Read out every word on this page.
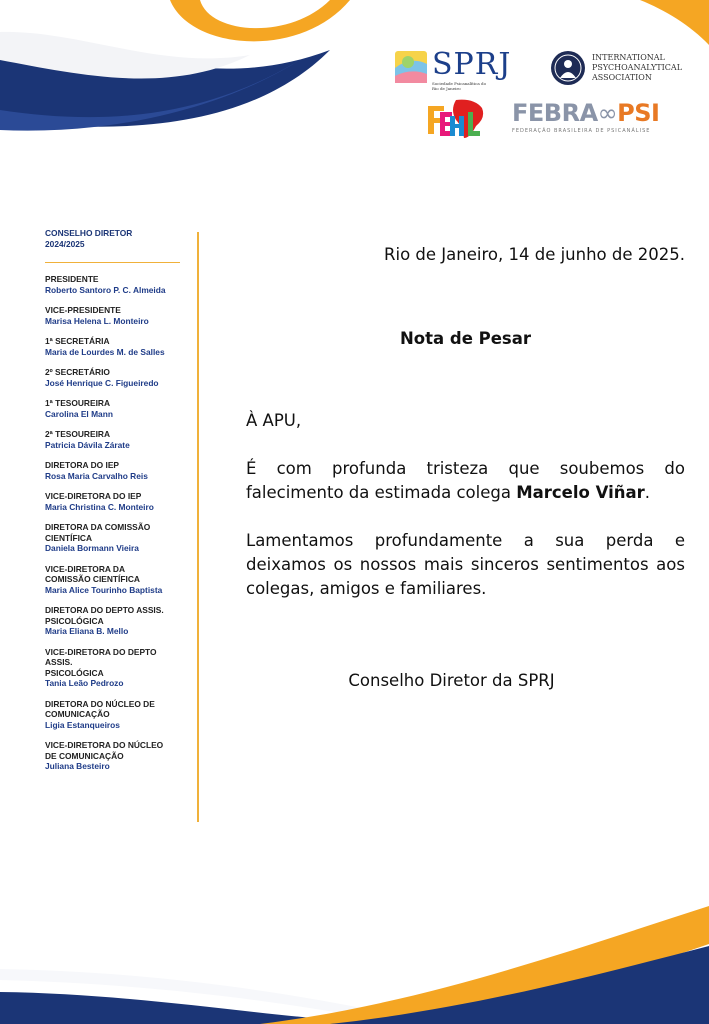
SPRJ
Sociedade Psicanalítica do Rio de Janeiro
INTERNATIONAL PSYCHOANALYTICAL ASSOCIATION
FEBRA∞PSI
FEDERAÇÃO BRASILEIRA DE PSICANÁLISE
CONSELHO DIRETOR
2024/2025
PRESIDENTE
Roberto Santoro P. C. Almeida
VICE-PRESIDENTE
Marisa Helena L. Monteiro
1ª SECRETÁRIA
Maria de Lourdes M. de Salles
2º SECRETÁRIO
José Henrique C. Figueiredo
1ª TESOUREIRA
Carolina El Mann
2ª TESOUREIRA
Patricia Dávila Zárate
DIRETORA DO IEP
Rosa Maria Carvalho Reis
VICE-DIRETORA DO IEP
Maria Christina C. Monteiro
DIRETORA DA COMISSÃO
CIENTÍFICA
Daniela Bormann Vieira
VICE-DIRETORA DA
COMISSÃO CIENTÍFICA
Maria Alice Tourinho Baptista
DIRETORA DO DEPTO ASSIS.
PSICOLÓGICA
Maria Eliana B. Mello
VICE-DIRETORA DO DEPTO
ASSIS.
PSICOLÓGICA
Tania Leão Pedrozo
DIRETORA DO NÚCLEO DE
COMUNICAÇÃO
Ligia Estanqueiros
VICE-DIRETORA DO NÚCLEO
DE COMUNICAÇÃO
Juliana Besteiro

Rio de Janeiro, 14 de junho de 2025.

Nota de Pesar

À APU,

É com profunda tristeza que soubemos do falecimento da estimada colega Marcelo Viñar.

Lamentamos profundamente a sua perda e deixamos os nossos mais sinceros sentimentos aos colegas, amigos e familiares.

Conselho Diretor da SPRJ
